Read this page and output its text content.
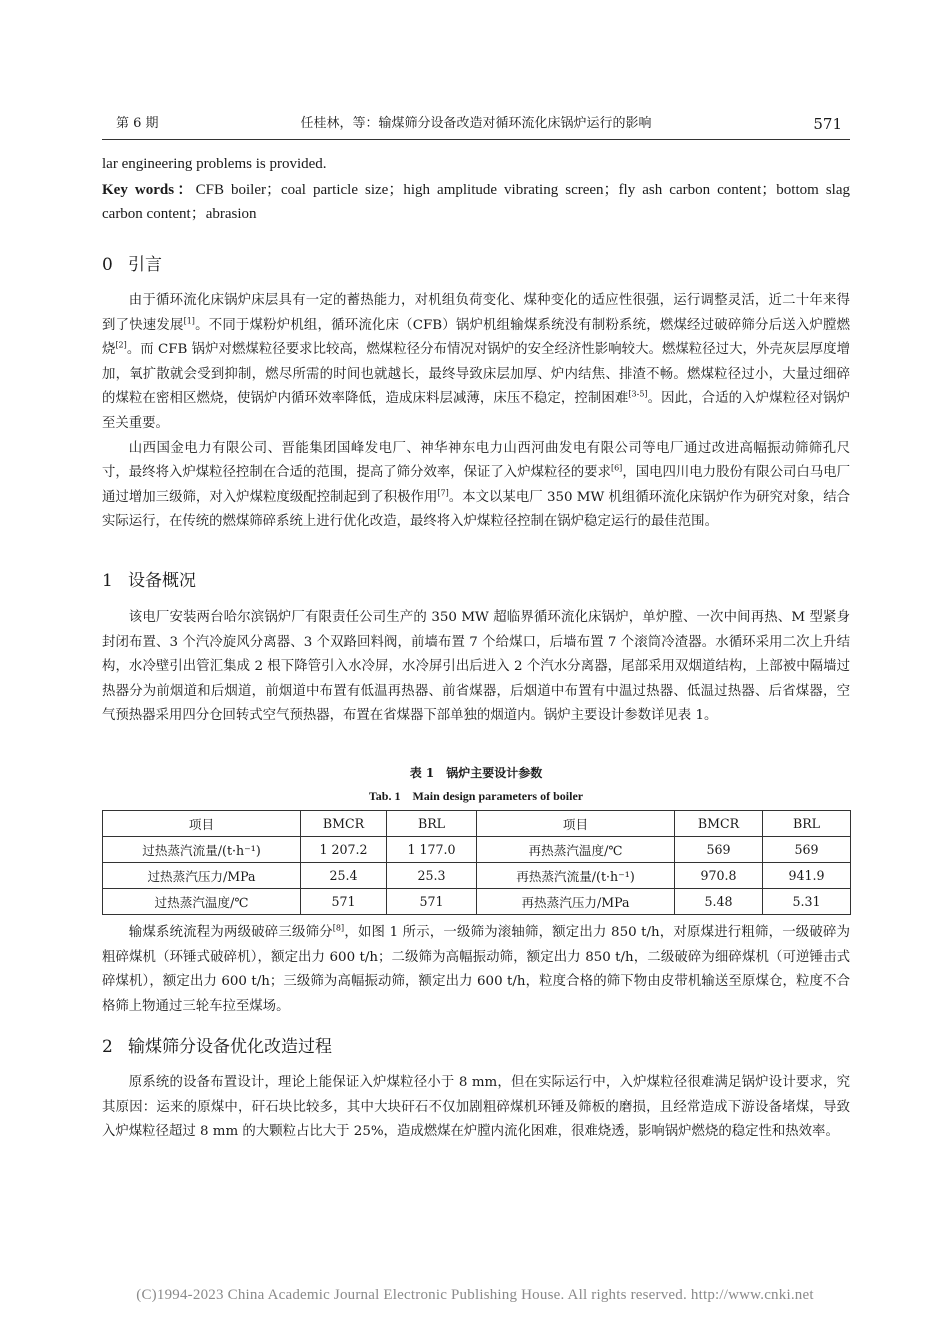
第 6 期	任桂林，等：输煤筛分设备改造对循环流化床锅炉运行的影响	571
lar engineering problems is provided.
Key words：CFB boiler；coal particle size；high amplitude vibrating screen；fly ash carbon content；bottom slag carbon content；abrasion
0 引言

由于循环流化床锅炉床层具有一定的蓄热能力，对机组负荷变化、煤种变化的适应性很强，运行调整灵活，近二十年来得到了快速发展[1]。不同于煤粉炉机组，循环流化床（CFB）锅炉机组输煤系统没有制粉系统，燃煤经过破碎筛分后送入炉膛燃烧[2]。而 CFB 锅炉对燃煤粒径要求比较高，燃煤粒径分布情况对锅炉的安全经济性影响较大。燃煤粒径过大，外壳灰层厚度增加，氧扩散就会受到抑制，燃尽所需的时间也就越长，最终导致床层加厚、炉内结焦、排渣不畅。燃煤粒径过小，大量过细碎的煤粒在密相区燃烧，使锅炉内循环效率降低，造成床料层减薄，床压不稳定，控制困难[3-5]。因此，合适的入炉煤粒径对锅炉至关重要。

山西国金电力有限公司、晋能集团国峰发电厂、神华神东电力山西河曲发电有限公司等电厂通过改进高幅振动筛筛孔尺寸，最终将入炉煤粒径控制在合适的范围，提高了筛分效率，保证了入炉煤粒径的要求[6]，国电四川电力股份有限公司白马电厂通过增加三级筛，对入炉煤粒度级配控制起到了积极作用[7]。本文以某电厂 350 MW 机组循环流化床锅炉作为研究对象，结合实际运行，在传统的燃煤筛碎系统上进行优化改造，最终将入炉煤粒径控制在锅炉稳定运行的最佳范围。

1 设备概况

该电厂安装两台哈尔滨锅炉厂有限责任公司生产的 350 MW 超临界循环流化床锅炉，单炉膛、一次中间再热、M 型紧身封闭布置、3 个汽冷旋风分离器、3 个双路回料阀，前墙布置 7 个给煤口，后墙布置 7 个滚筒冷渣器。水循环采用二次上升结构，水冷壁引出管汇集成 2 根下降管引入水冷屏，水冷屏引出后进入 2 个汽水分离器，尾部采用双烟道结构，上部被中隔墙过热器分为前烟道和后烟道，前烟道中布置有低温再热器、前省煤器，后烟道中布置有中温过热器、低温过热器、后省煤器，空气预热器采用四分仓回转式空气预热器，布置在省煤器下部单独的烟道内。锅炉主要设计参数详见表 1。

表 1　锅炉主要设计参数
Tab. 1　Main design parameters of boiler
项目	BMCR	BRL	项目	BMCR	BRL
过热蒸汽流量/(t·h⁻¹)	1 207.2	1 177.0	再热蒸汽温度/℃	569	569
过热蒸汽压力/MPa	25.4	25.3	再热蒸汽流量/(t·h⁻¹)	970.8	941.9
过热蒸汽温度/℃	571	571	再热蒸汽压力/MPa	5.48	5.31

输煤系统流程为两级破碎三级筛分[8]，如图 1 所示，一级筛为滚轴筛，额定出力 850 t/h，对原煤进行粗筛，一级破碎为粗碎煤机（环锤式破碎机），额定出力 600 t/h；二级筛为高幅振动筛，额定出力 850 t/h，二级破碎为细碎煤机（可逆锤击式碎煤机），额定出力 600 t/h；三级筛为高幅振动筛，额定出力 600 t/h，粒度合格的筛下物由皮带机输送至原煤仓，粒度不合格筛上物通过三轮车拉至煤场。

2 输煤筛分设备优化改造过程

原系统的设备布置设计，理论上能保证入炉煤粒径小于 8 mm，但在实际运行中，入炉煤粒径很难满足锅炉设计要求，究其原因：运来的原煤中，矸石块比较多，其中大块矸石不仅加剧粗碎煤机环锤及筛板的磨损，且经常造成下游设备堵煤，导致入炉煤粒径超过 8 mm 的大颗粒占比大于 25%，造成燃煤在炉膛内流化困难，很难烧透，影响锅炉燃烧的稳定性和热效率。

(C)1994-2023 China Academic Journal Electronic Publishing House. All rights reserved. http://www.cnki.net
